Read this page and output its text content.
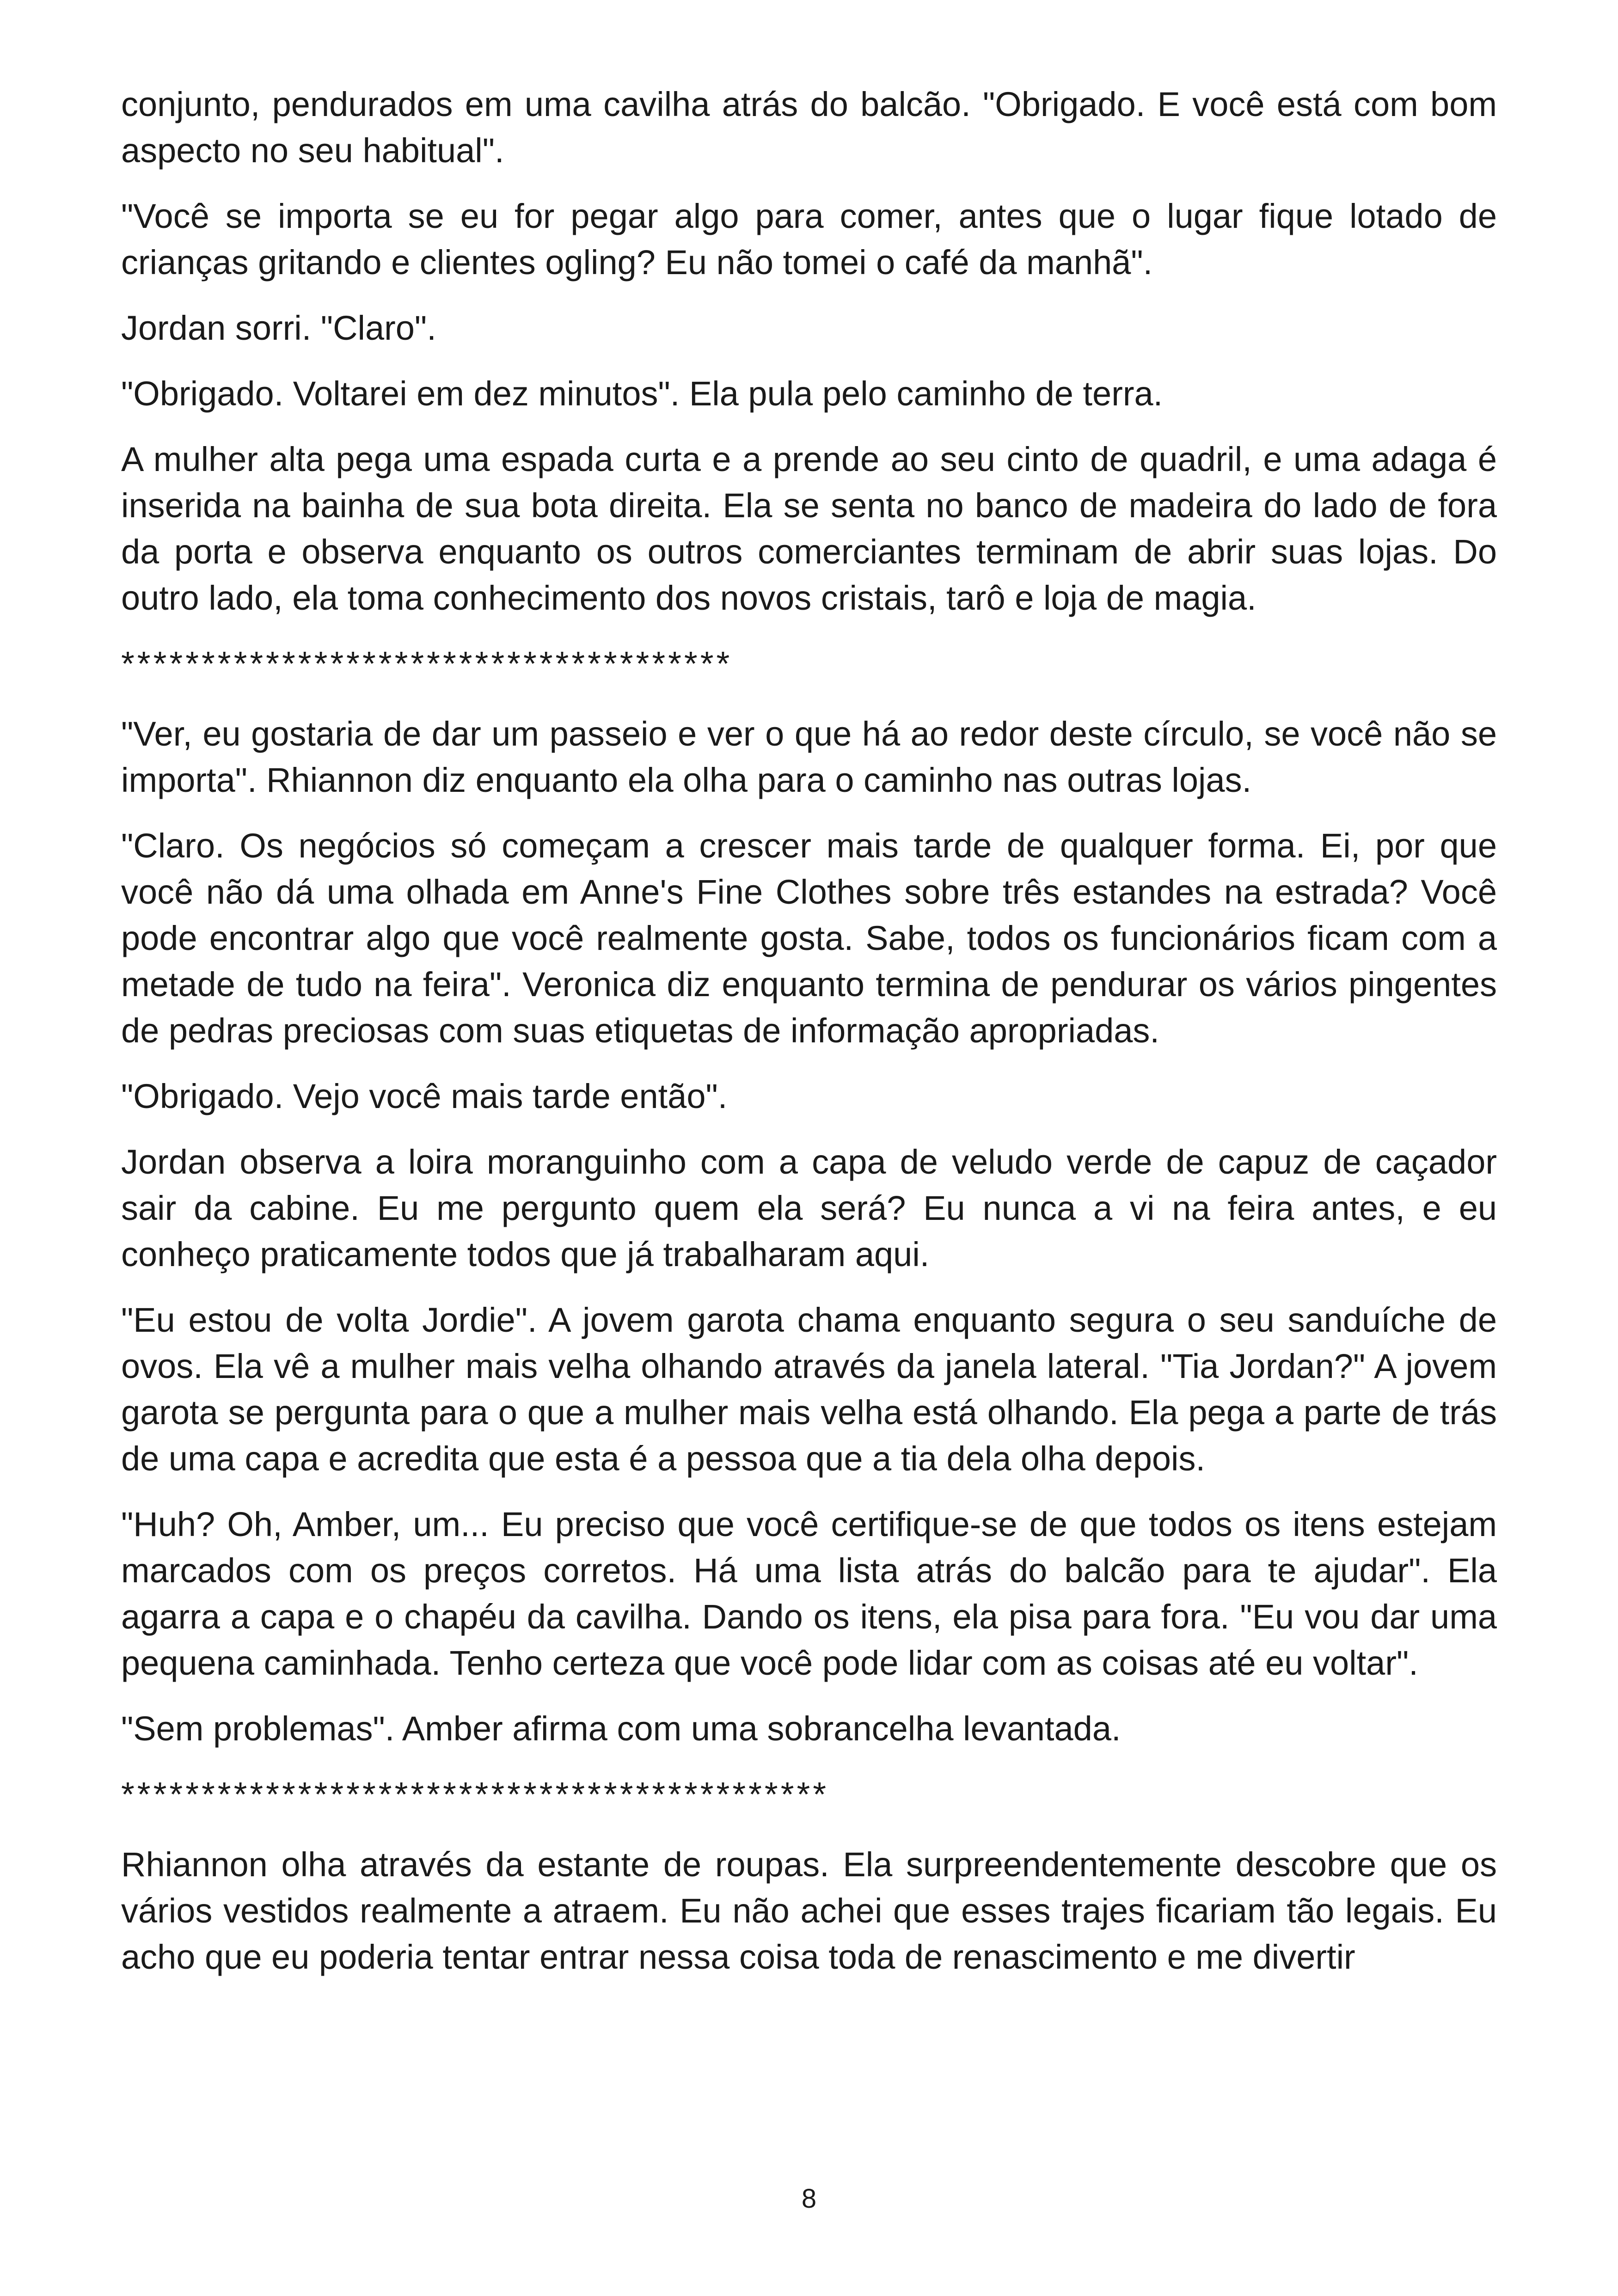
conjunto, pendurados em uma cavilha atrás do balcão. "Obrigado. E você está com bom aspecto no seu habitual".

"Você se importa se eu for pegar algo para comer, antes que o lugar fique lotado de crianças gritando e clientes ogling? Eu não tomei o café da manhã".

Jordan sorri. "Claro".

"Obrigado. Voltarei em dez minutos". Ela pula pelo caminho de terra.

A mulher alta pega uma espada curta e a prende ao seu cinto de quadril, e uma adaga é inserida na bainha de sua bota direita. Ela se senta no banco de madeira do lado de fora da porta e observa enquanto os outros comerciantes terminam de abrir suas lojas. Do outro lado, ela toma conhecimento dos novos cristais, tarô e loja de magia.

**************************************

"Ver, eu gostaria de dar um passeio e ver o que há ao redor deste círculo, se você não se importa". Rhiannon diz enquanto ela olha para o caminho nas outras lojas.

"Claro. Os negócios só começam a crescer mais tarde de qualquer forma. Ei, por que você não dá uma olhada em Anne's Fine Clothes sobre três estandes na estrada? Você pode encontrar algo que você realmente gosta. Sabe, todos os funcionários ficam com a metade de tudo na feira". Veronica diz enquanto termina de pendurar os vários pingentes de pedras preciosas com suas etiquetas de informação apropriadas.

"Obrigado. Vejo você mais tarde então".

Jordan observa a loira moranguinho com a capa de veludo verde de capuz de caçador sair da cabine. Eu me pergunto quem ela será? Eu nunca a vi na feira antes, e eu conheço praticamente todos que já trabalharam aqui.

"Eu estou de volta Jordie". A jovem garota chama enquanto segura o seu sanduíche de ovos. Ela vê a mulher mais velha olhando através da janela lateral. "Tia Jordan?" A jovem garota se pergunta para o que a mulher mais velha está olhando. Ela pega a parte de trás de uma capa e acredita que esta é a pessoa que a tia dela olha depois.

"Huh? Oh, Amber, um... Eu preciso que você certifique-se de que todos os itens estejam marcados com os preços corretos. Há uma lista atrás do balcão para te ajudar". Ela agarra a capa e o chapéu da cavilha. Dando os itens, ela pisa para fora. "Eu vou dar uma pequena caminhada. Tenho certeza que você pode lidar com as coisas até eu voltar".

"Sem problemas". Amber afirma com uma sobrancelha levantada.

********************************************

Rhiannon olha através da estante de roupas. Ela surpreendentemente descobre que os vários vestidos realmente a atraem. Eu não achei que esses trajes ficariam tão legais. Eu acho que eu poderia tentar entrar nessa coisa toda de renascimento e me divertir

8
